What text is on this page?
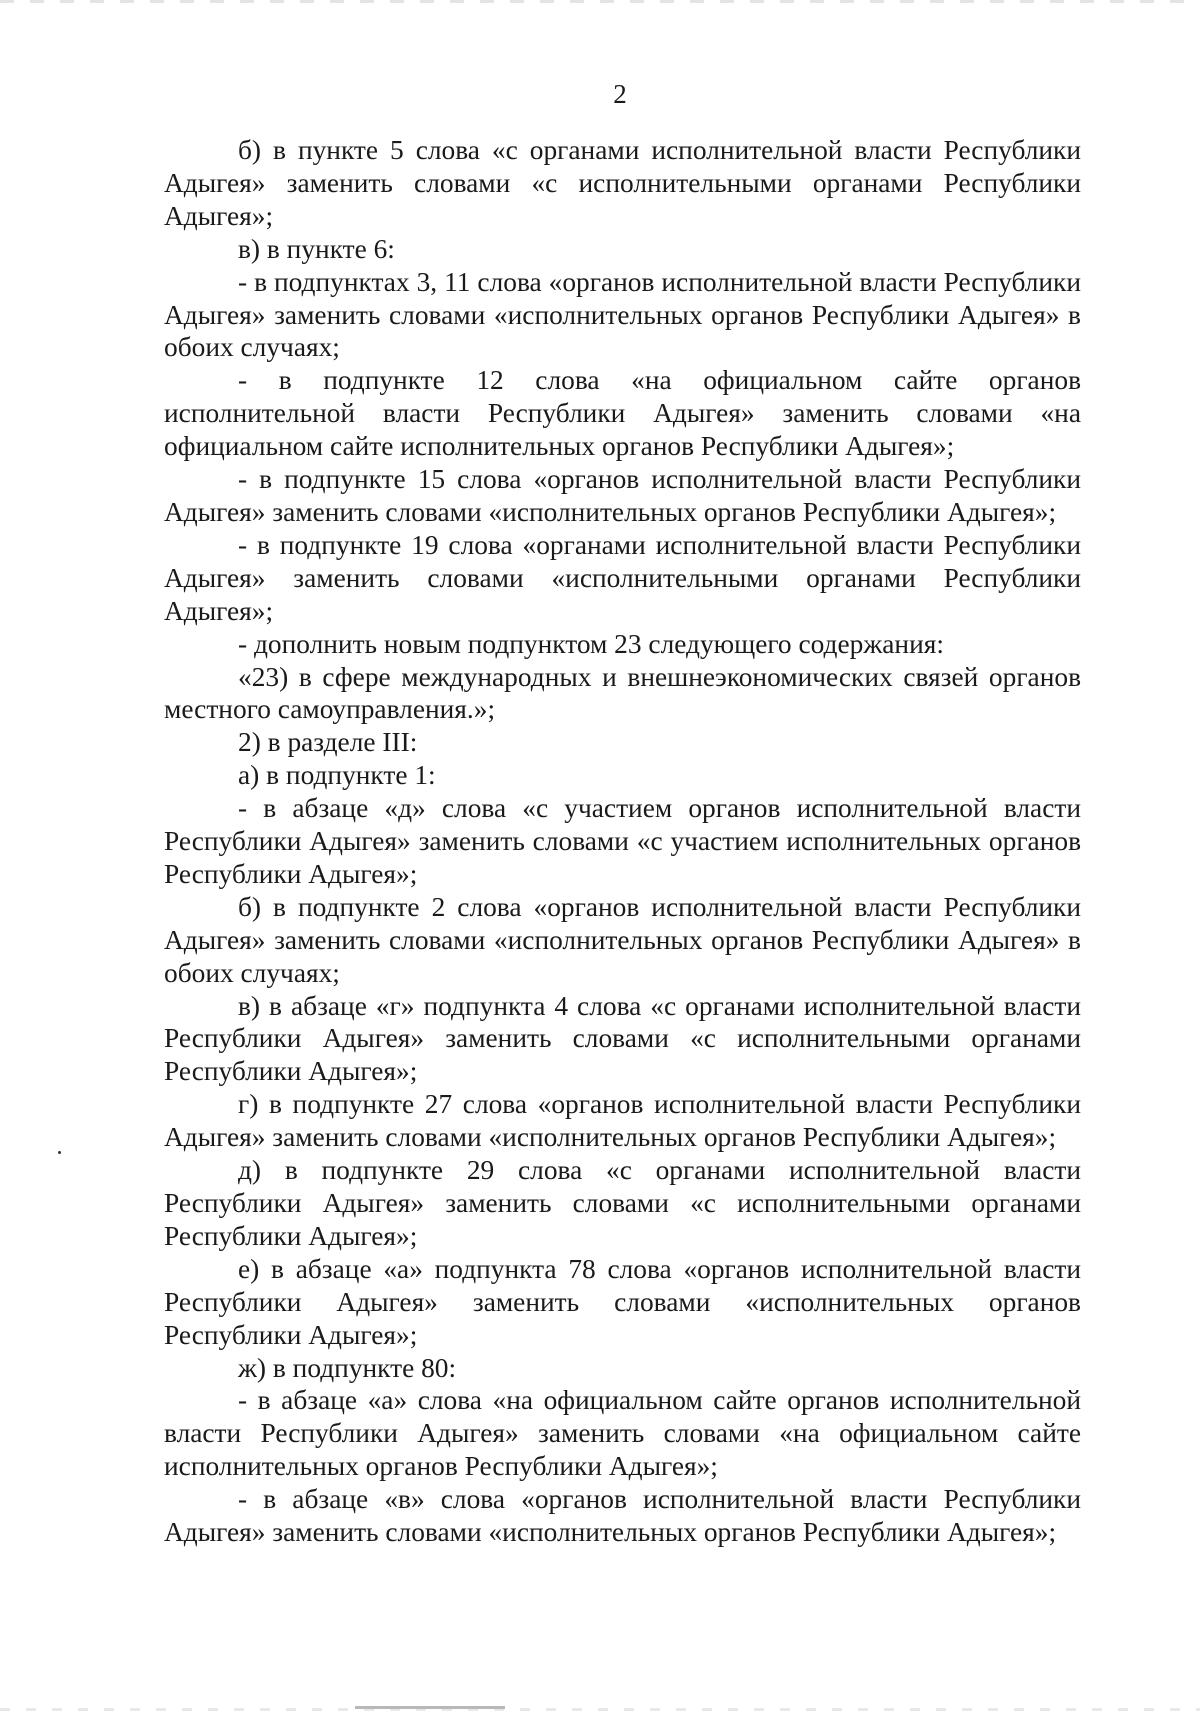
2

б) в пункте 5 слова «с органами исполнительной власти Республики Адыгея» заменить словами «с исполнительными органами Республики Адыгея»;

в) в пункте 6:

- в подпунктах 3, 11 слова «органов исполнительной власти Республики Адыгея» заменить словами «исполнительных органов Республики Адыгея» в обоих случаях;

- в подпункте 12 слова «на официальном сайте органов исполнительной власти Республики Адыгея» заменить словами «на официальном сайте исполнительных органов Республики Адыгея»;

- в подпункте 15 слова «органов исполнительной власти Республики Адыгея» заменить словами «исполнительных органов Республики Адыгея»;

- в подпункте 19 слова «органами исполнительной власти Республики Адыгея» заменить словами «исполнительными органами Республики Адыгея»;

- дополнить новым подпунктом 23 следующего содержания:

«23) в сфере международных и внешнеэкономических связей органов местного самоуправления.»;

2) в разделе III:

а) в подпункте 1:

- в абзаце «д» слова «с участием органов исполнительной власти Республики Адыгея» заменить словами «с участием исполнительных органов Республики Адыгея»;

б) в подпункте 2 слова «органов исполнительной власти Республики Адыгея» заменить словами «исполнительных органов Республики Адыгея» в обоих случаях;

в) в абзаце «г» подпункта 4 слова «с органами исполнительной власти Республики Адыгея» заменить словами «с исполнительными органами Республики Адыгея»;

г) в подпункте 27 слова «органов исполнительной власти Республики Адыгея» заменить словами «исполнительных органов Республики Адыгея»;

д) в подпункте 29 слова «с органами исполнительной власти Республики Адыгея» заменить словами «с исполнительными органами Республики Адыгея»;

е) в абзаце «а» подпункта 78 слова «органов исполнительной власти Республики Адыгея» заменить словами «исполнительных органов Республики Адыгея»;

ж) в подпункте 80:

- в абзаце «а» слова «на официальном сайте органов исполнительной власти Республики Адыгея» заменить словами «на официальном сайте исполнительных органов Республики Адыгея»;

- в абзаце «в» слова «органов исполнительной власти Республики Адыгея» заменить словами «исполнительных органов Республики Адыгея»;
